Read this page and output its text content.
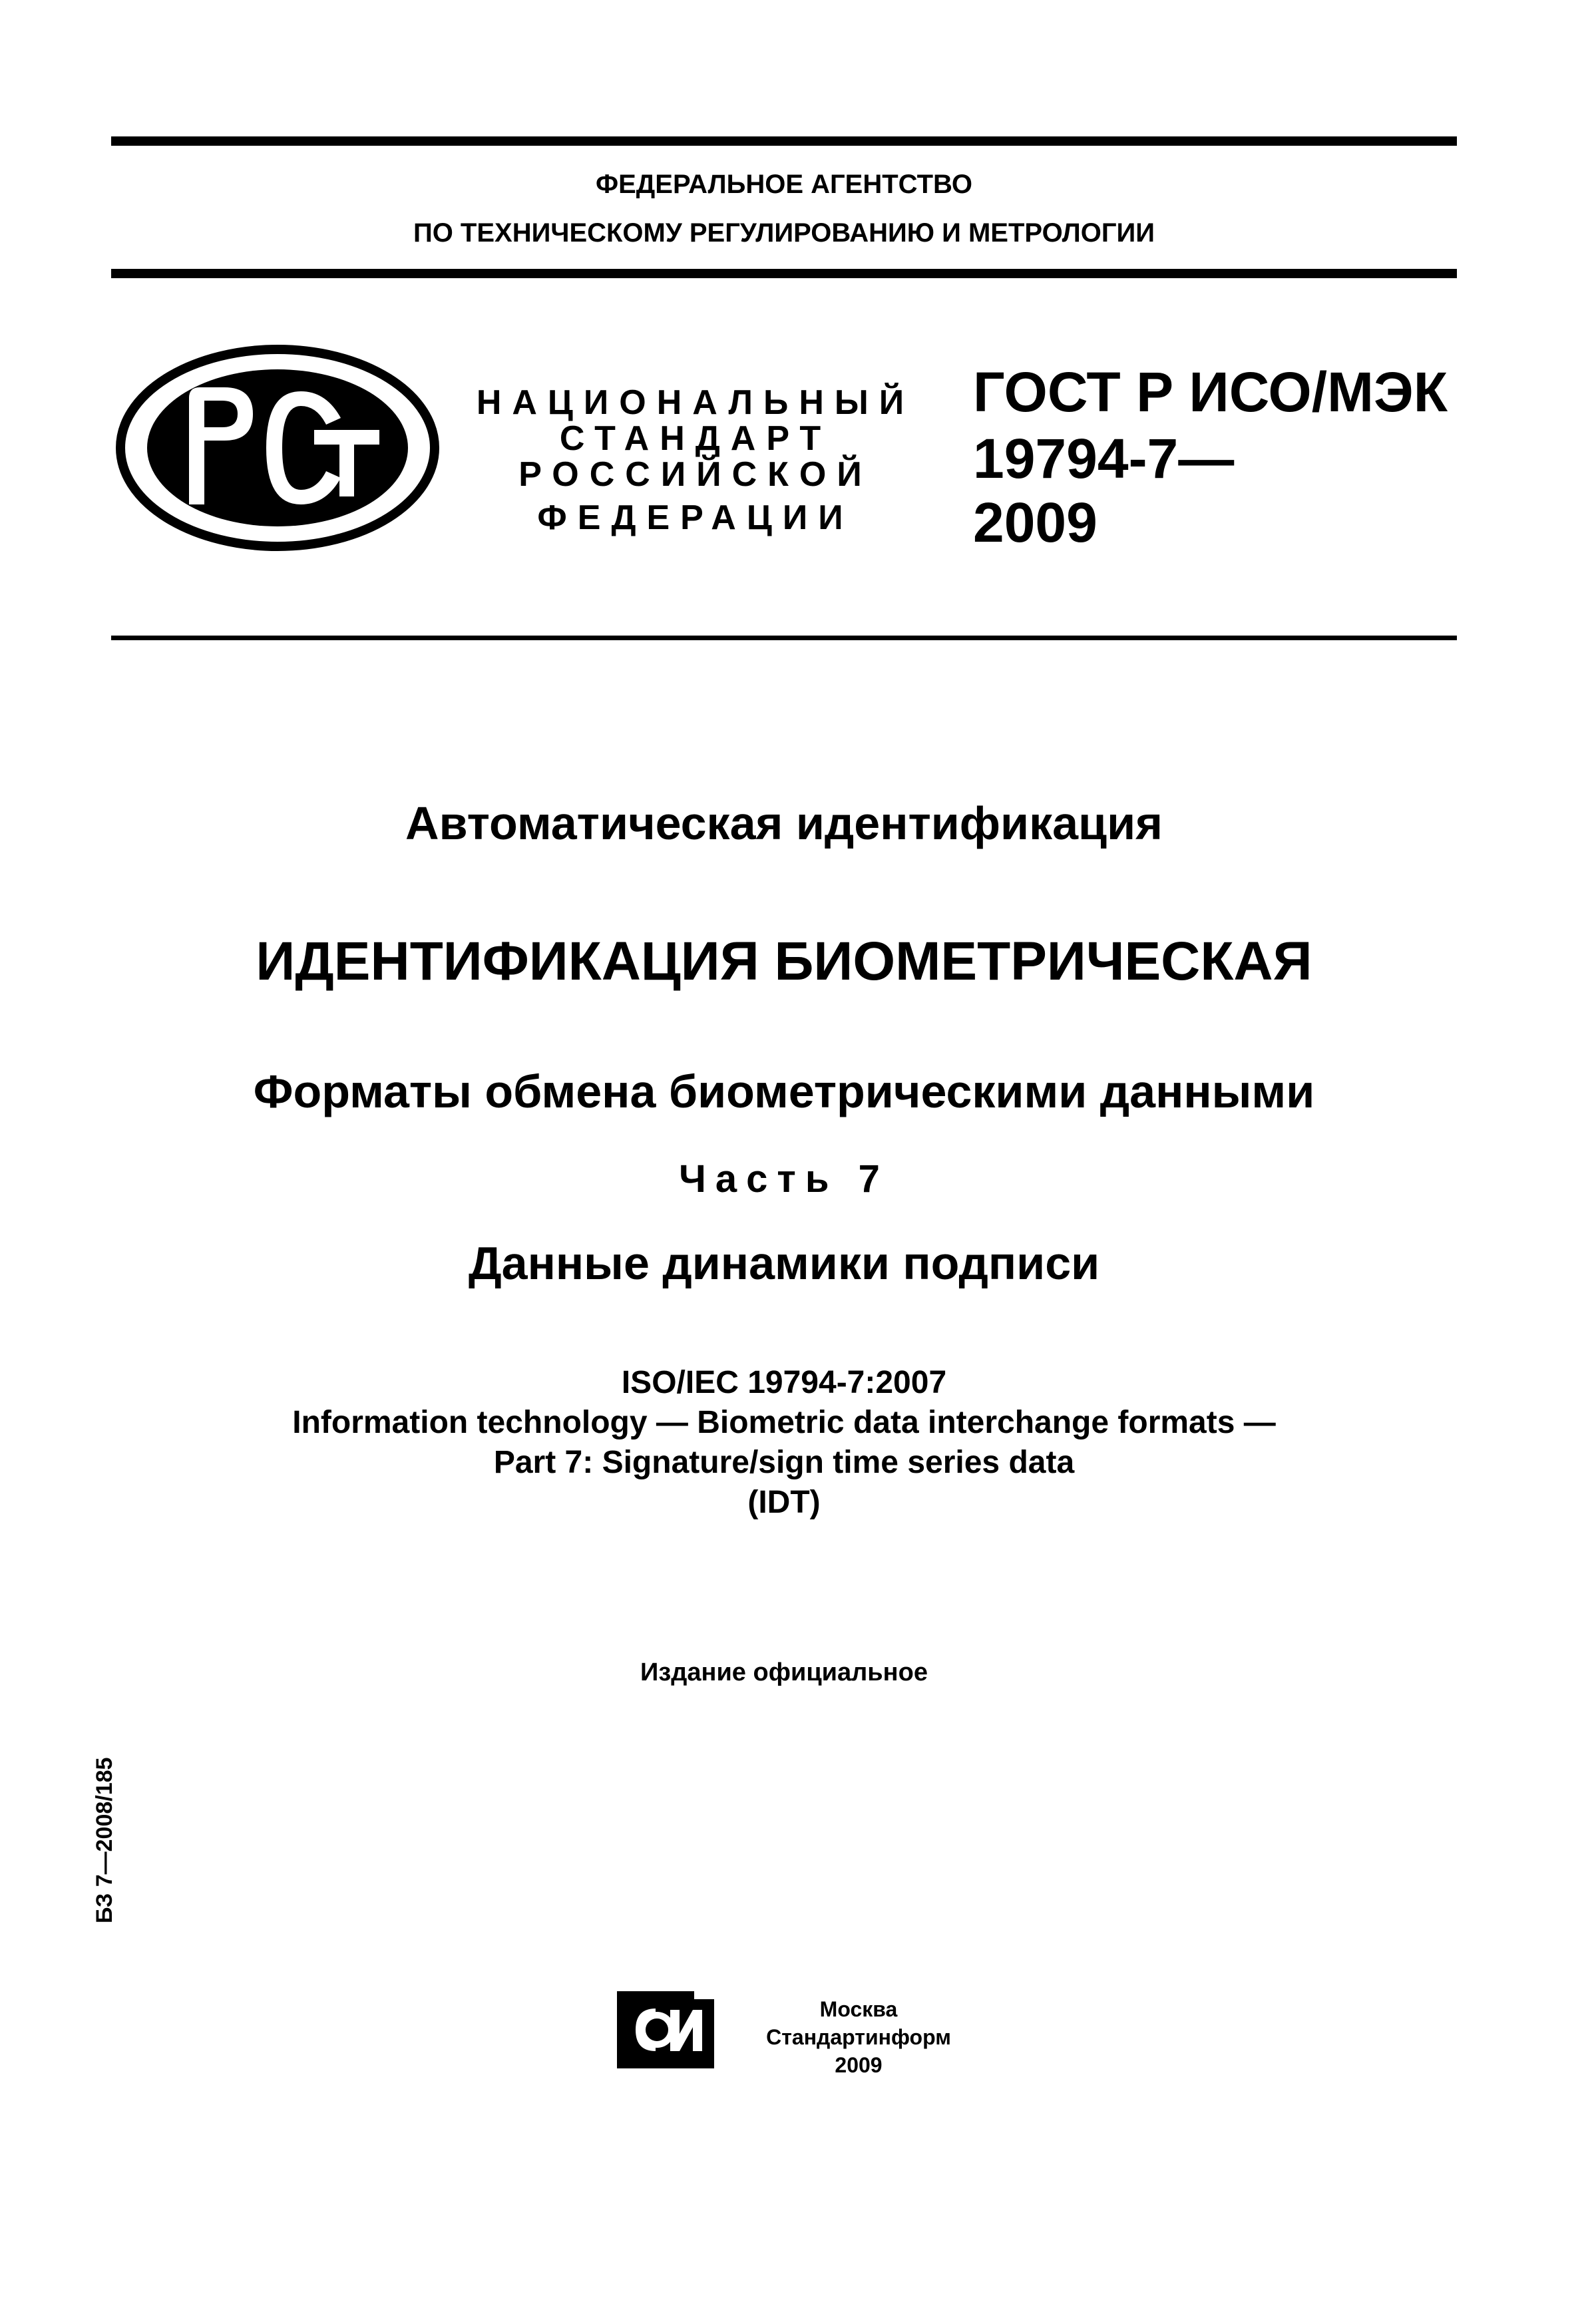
ФЕДЕРАЛЬНОЕ АГЕНТСТВО
ПО ТЕХНИЧЕСКОМУ РЕГУЛИРОВАНИЮ И МЕТРОЛОГИИ
НАЦИОНАЛЬНЫЙ
СТАНДАРТ
РОССИЙСКОЙ
ФЕДЕРАЦИИ
ГОСТ Р ИСО/МЭК
19794-7—
2009
Автоматическая идентификация
ИДЕНТИФИКАЦИЯ БИОМЕТРИЧЕСКАЯ
Форматы обмена биометрическими данными
Часть 7
Данные динамики подписи
ISO/IEC 19794-7:2007
Information technology — Biometric data interchange formats —
Part 7: Signature/sign time series data
(IDT)
Издание официальное
БЗ 7—2008/185
Москва
Стандартинформ
2009
